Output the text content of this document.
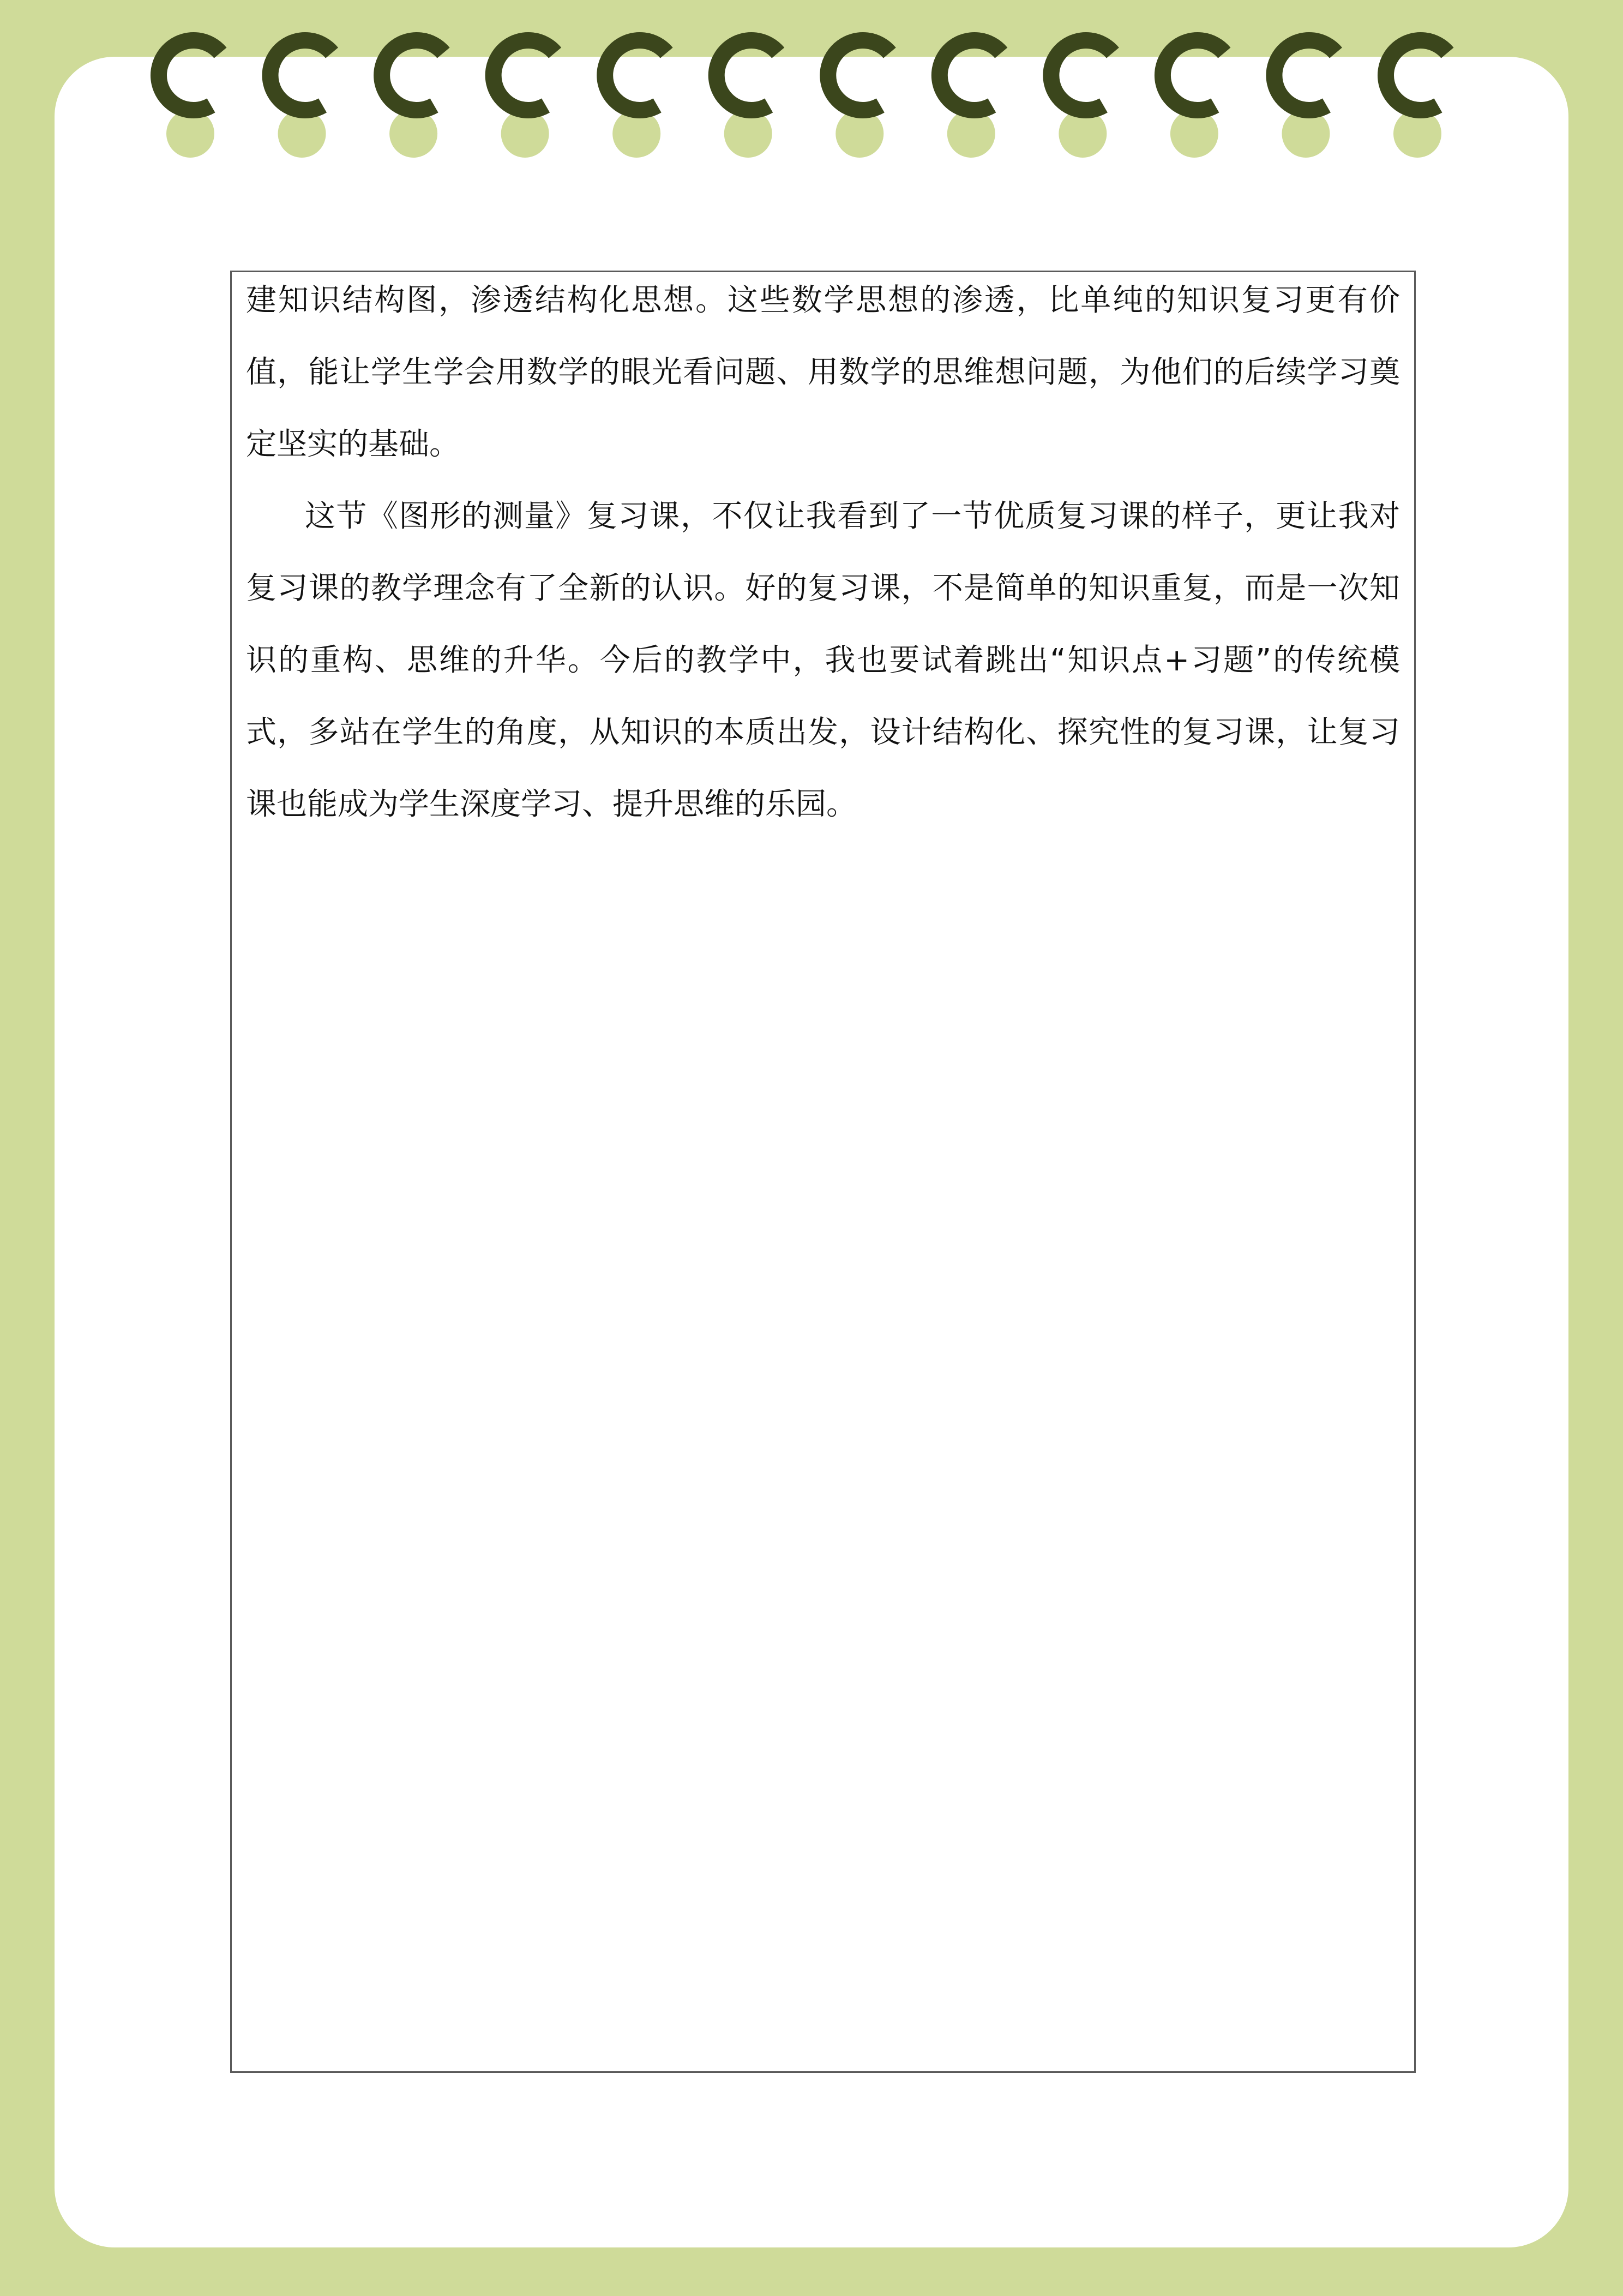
建知识结构图，渗透结构化思想。这些数学思想的渗透，比单纯的知识复习更有价值，能让学生学会用数学的眼光看问题、用数学的思维想问题，为他们的后续学习奠定坚实的基础。

这节《图形的测量》复习课，不仅让我看到了一节优质复习课的样子，更让我对复习课的教学理念有了全新的认识。好的复习课，不是简单的知识重复，而是一次知识的重构、思维的升华。今后的教学中，我也要试着跳出“知识点+习题”的传统模式，多站在学生的角度，从知识的本质出发，设计结构化、探究性的复习课，让复习课也能成为学生深度学习、提升思维的乐园。
